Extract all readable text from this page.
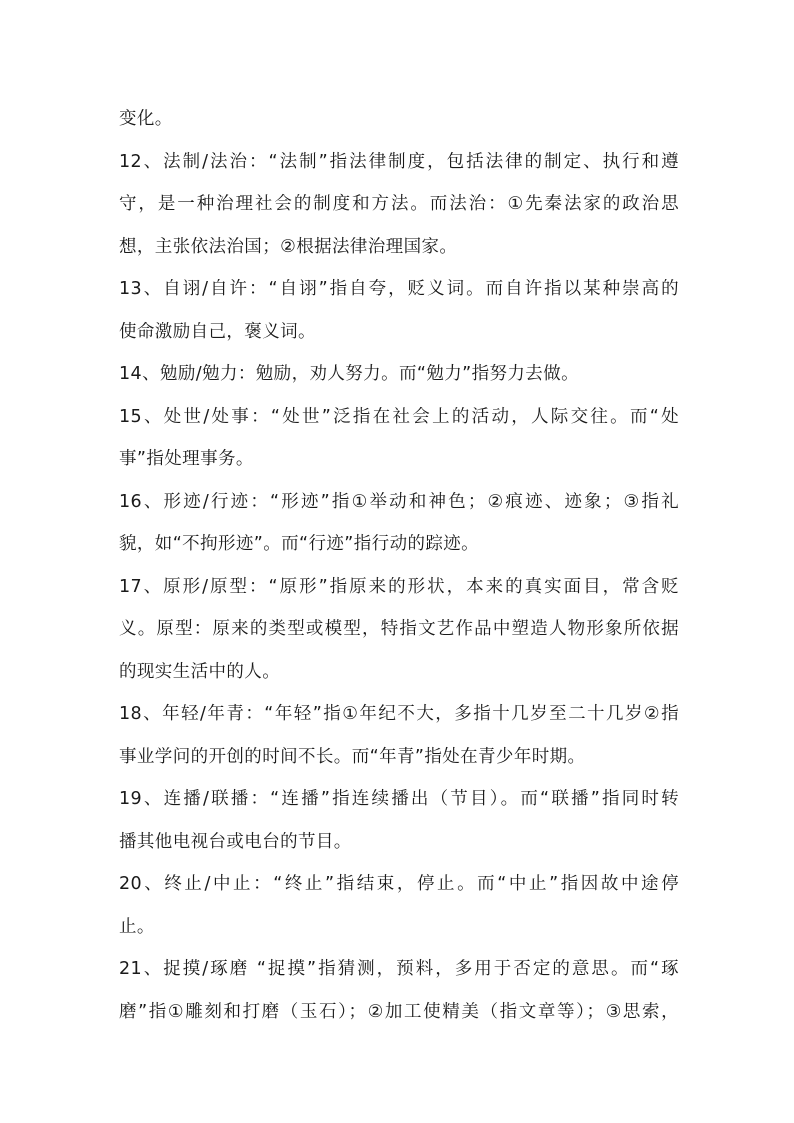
变化。
12、法制/法治：“法制”指法律制度，包括法律的制定、执行和遵
守，是一种治理社会的制度和方法。而法治：①先秦法家的政治思
想，主张依法治国；②根据法律治理国家。
13、自诩/自许：“自诩”指自夸，贬义词。而自许指以某种崇高的
使命激励自己，褒义词。
14、勉励/勉力：勉励，劝人努力。而“勉力”指努力去做。
15、处世/处事：“处世”泛指在社会上的活动，人际交往。而“处
事”指处理事务。
16、形迹/行迹：“形迹”指①举动和神色；②痕迹、迹象；③指礼
貌，如“不拘形迹”。而“行迹”指行动的踪迹。
17、原形/原型：“原形”指原来的形状，本来的真实面目，常含贬
义。原型：原来的类型或模型，特指文艺作品中塑造人物形象所依据
的现实生活中的人。
18、年轻/年青：“年轻”指①年纪不大，多指十几岁至二十几岁②指
事业学问的开创的时间不长。而“年青”指处在青少年时期。
19、连播/联播：“连播”指连续播出（节目）。而“联播”指同时转
播其他电视台或电台的节目。
20、终止/中止：“终止”指结束，停止。而“中止”指因故中途停
止。
21、捉摸/琢磨 “捉摸”指猜测，预料，多用于否定的意思。而“琢
磨”指①雕刻和打磨（玉石）；②加工使精美（指文章等）；③思索，
